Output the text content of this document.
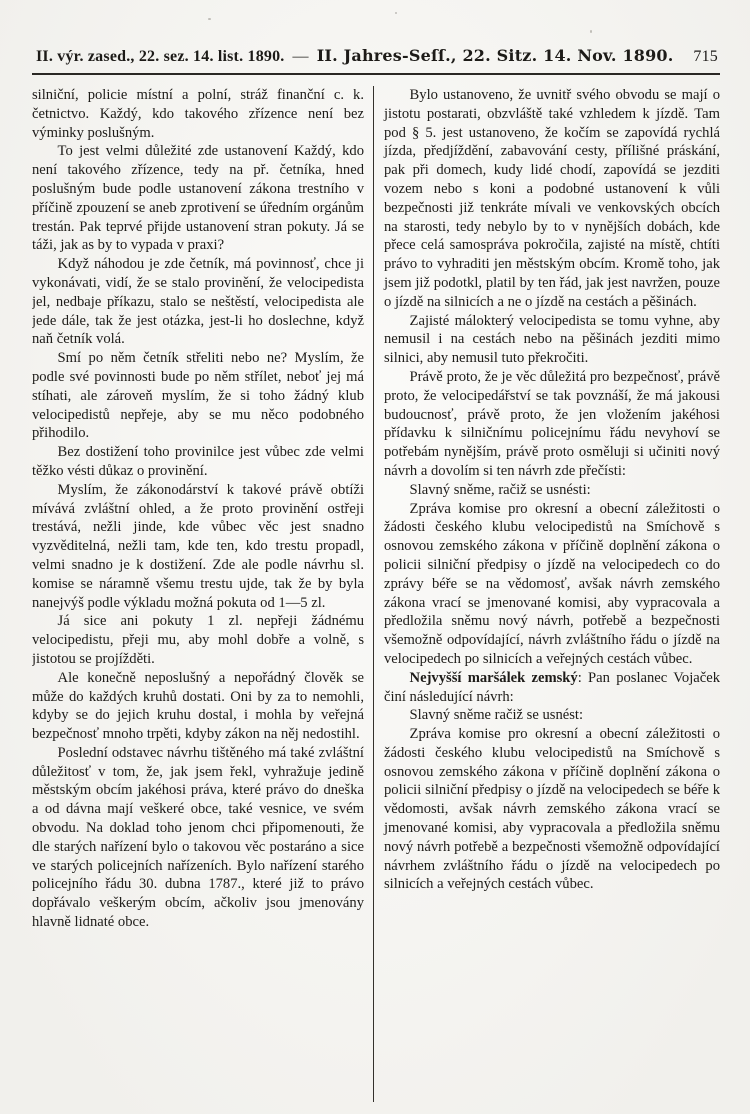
II. výr. zased., 22. sez. 14. list. 1890. — II. Jahres-Seſſ., 22. Sitz. 14. Nov. 1890. 715

silniční, policie místní a polní, stráž finanční c. k. četnictvo. Každý, kdo takového zřízence není bez výminky poslušným.

To jest velmi důležité zde ustanovení Každý, kdo není takového zřízence, tedy na př. četníka, hned poslušným bude podle ustanovení zákona trestního v příčině zpouzení se aneb zprotivení se úředním orgánům trestán. Pak teprvé přijde ustanovení stran pokuty. Já se táži, jak as by to vypada v praxi?

Když náhodou je zde četník, má povinnosť, chce ji vykonávati, vidí, že se stalo provinění, že velocipedista jel, nedbaje příkazu, stalo se neštěstí, velocipedista ale jede dále, tak že jest otázka, jest-li ho doslechne, když naň četník volá.

Smí po něm četník střeliti nebo ne? Myslím, že podle své povinnosti bude po něm střílet, neboť jej má stíhati, ale zároveň myslím, že si toho žádný klub velocipedistů nepřeje, aby se mu něco podobného přihodilo.

Bez dostižení toho provinilce jest vůbec zde velmi těžko vésti důkaz o provinění.

Myslím, že zákonodárství k takové právě obtíži mívává zvláštní ohled, a že proto provinění ostřeji trestává, nežli jinde, kde vůbec věc jest snadno vyzvěditelná, nežli tam, kde ten, kdo trestu propadl, velmi snadno je k dostižení. Zde ale podle návrhu sl. komise se náramně všemu trestu ujde, tak že by byla nanejvýš podle výkladu možná pokuta od 1—5 zl.

Já sice ani pokuty 1 zl. nepřeji žádnému velocipedistu, přeji mu, aby mohl dobře a volně, s jistotou se projížděti.

Ale konečně neposlušný a nepořádný člověk se může do každých kruhů dostati. Oni by za to nemohli, kdyby se do jejich kruhu dostal, i mohla by veřejná bezpečnosť mnoho trpěti, kdyby zákon na něj nedostihl.

Poslední odstavec návrhu tištěného má také zvláštní důležitosť v tom, že, jak jsem řekl, vyhražuje jedině městským obcím jakéhosi práva, které právo do dneška a od dávna mají veškeré obce, také vesnice, ve svém obvodu. Na doklad toho jenom chci připomenouti, že dle starých nařízení bylo o takovou věc postaráno a sice ve starých policejních nařízeních. Bylo nařízení starého policejního řádu 30. dubna 1787., které již to právo dopřávalo veškerým obcím, ačkoliv jsou jmenovány hlavně lidnaté obce.

Bylo ustanoveno, že uvnitř svého obvodu se mají o jistotu postarati, obzvláště také vzhledem k jízdě. Tam pod § 5. jest ustanoveno, že kočím se zapovídá rychlá jízda, předjíždění, zabavování cesty, přílišné práskání, pak při domech, kudy lidé chodí, zapovídá se jezditi vozem nebo s koni a podobné ustanovení k vůli bezpečnosti již tenkráte mívali ve venkovských obcích na starosti, tedy nebylo by to v nynějších dobách, kde přece celá samospráva pokročila, zajisté na místě, chtíti právo to vyhraditi jen městským obcím. Kromě toho, jak jsem již podotkl, platil by ten řád, jak jest navržen, pouze o jízdě na silnicích a ne o jízdě na cestách a pěšinách.

Zajisté málokterý velocipedista se tomu vyhne, aby nemusil i na cestách nebo na pěšinách jezditi mimo silnici, aby nemusil tuto překročiti.

Právě proto, že je věc důležitá pro bezpečnosť, právě proto, že velocipedářství se tak povznáší, že má jakousi budoucnosť, právě proto, že jen vložením jakéhosi přídavku k silničnímu policejnímu řádu nevyhoví se potřebám nynějším, právě proto osměluji si učiniti nový návrh a dovolím si ten návrh zde přečísti:

Slavný sněme, račiž se usnésti:

Zpráva komise pro okresní a obecní záležitosti o žádosti českého klubu velocipedistů na Smíchově s osnovou zemského zákona v příčině doplnění zákona o policii silniční předpisy o jízdě na velocipedech co do zprávy béře se na vědomosť, avšak návrh zemského zákona vrací se jmenované komisi, aby vypracovala a předložila sněmu nový návrh, potřebě a bezpečnosti všemožně odpovídající, návrh zvláštního řádu o jízdě na velocipedech po silnicích a veřejných cestách vůbec.

Nejvyšší maršálek zemský: Pan poslanec Vojaček činí následující návrh:

Slavný sněme račiž se usnést:

Zpráva komise pro okresní a obecní záležitosti o žádosti českého klubu velocipedistů na Smíchově s osnovou zemského zákona v příčině doplnění zákona o policii silniční předpisy o jízdě na velocipedech se béře k vědomosti, avšak návrh zemského zákona vrací se jmenované komisi, aby vypracovala a předložila sněmu nový návrh potřebě a bezpečnosti všemožně odpovídající návrhem zvláštního řádu o jízdě na velocipedech po silnicích a veřejných cestách vůbec.
